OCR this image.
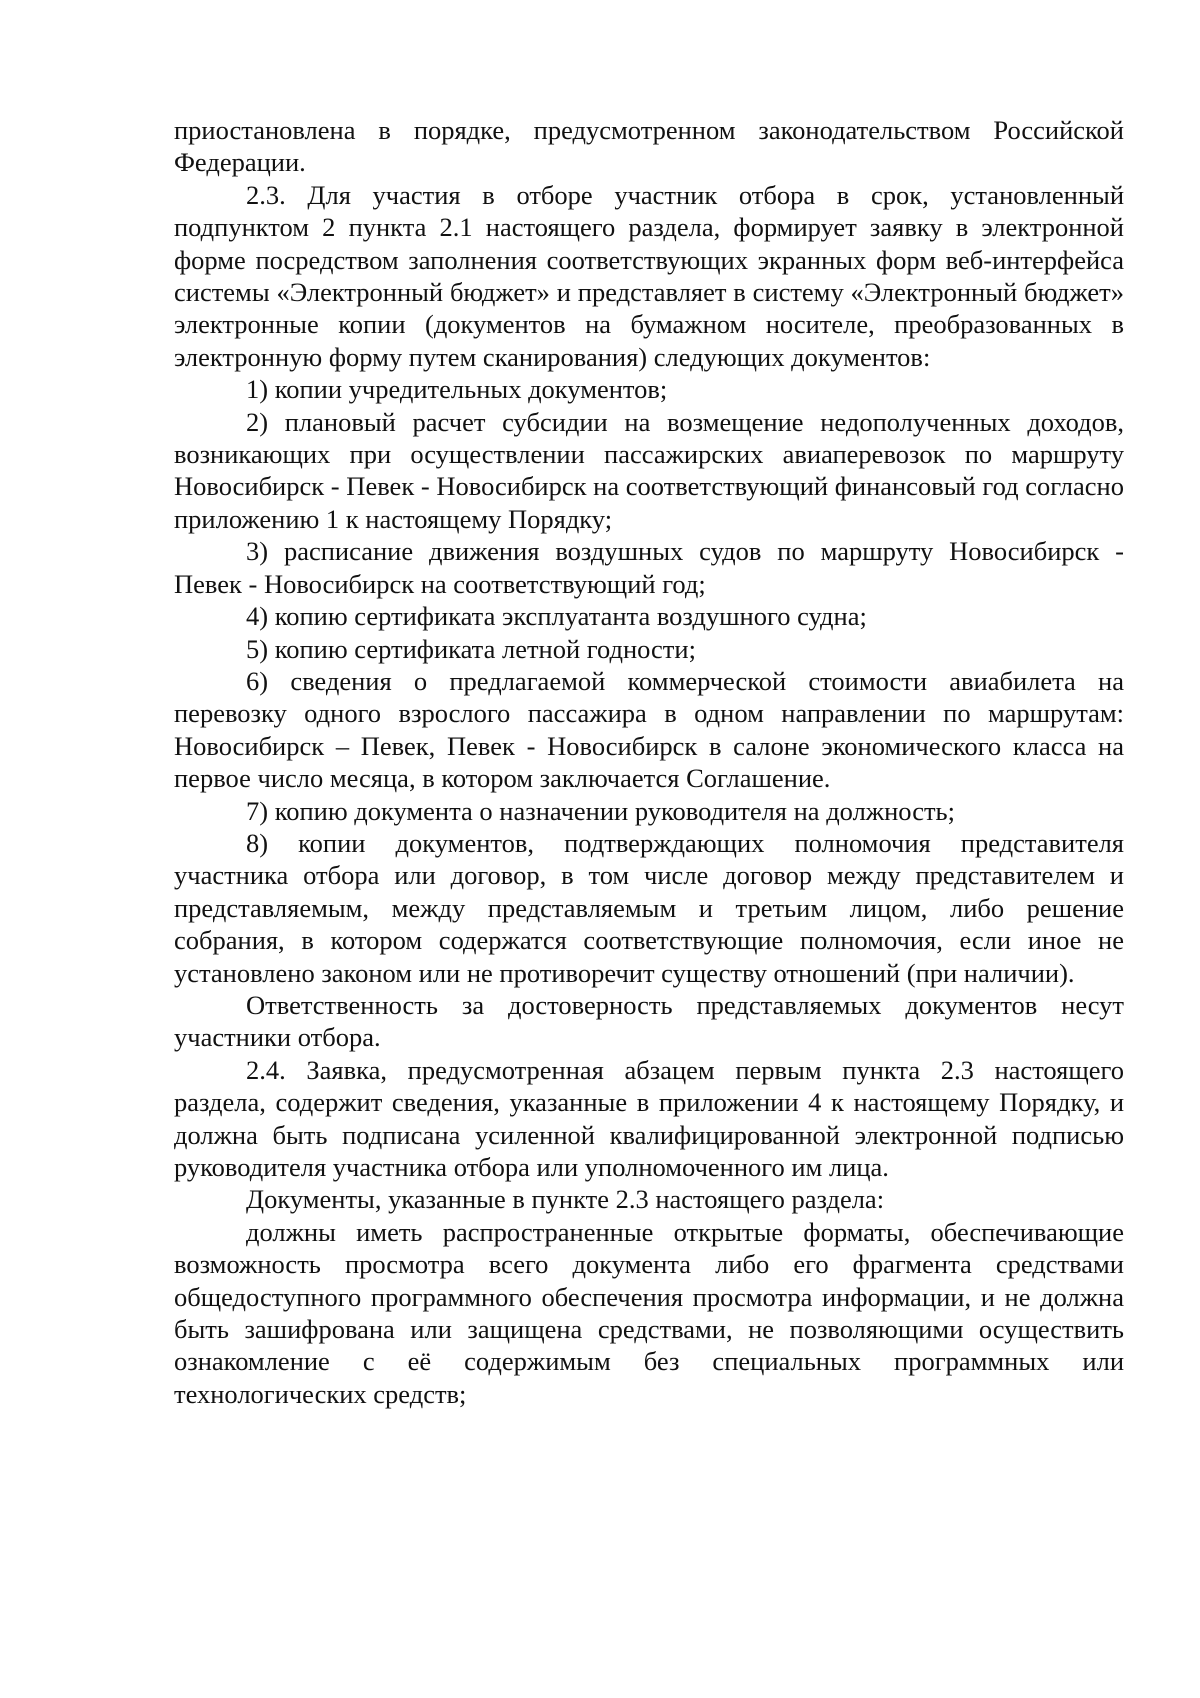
приостановлена в порядке, предусмотренном законодательством Российской Федерации.

2.3. Для участия в отборе участник отбора в срок, установленный подпунктом 2 пункта 2.1 настоящего раздела, формирует заявку в электронной форме посредством заполнения соответствующих экранных форм веб-интерфейса системы «Электронный бюджет» и представляет в систему «Электронный бюджет» электронные копии (документов на бумажном носителе, преобразованных в электронную форму путем сканирования) следующих документов:

1) копии учредительных документов;

2) плановый расчет субсидии на возмещение недополученных доходов, возникающих при осуществлении пассажирских авиаперевозок по маршруту Новосибирск - Певек - Новосибирск на соответствующий финансовый год согласно приложению 1 к настоящему Порядку;

3) расписание движения воздушных судов по маршруту Новосибирск - Певек - Новосибирск на соответствующий год;

4) копию сертификата эксплуатанта воздушного судна;

5) копию сертификата летной годности;

6) сведения о предлагаемой коммерческой стоимости авиабилета на перевозку одного взрослого пассажира в одном направлении по маршрутам: Новосибирск – Певек, Певек - Новосибирск в салоне экономического класса на первое число месяца, в котором заключается Соглашение.

7) копию документа о назначении руководителя на должность;

8) копии документов, подтверждающих полномочия представителя участника отбора или договор, в том числе договор между представителем и представляемым, между представляемым и третьим лицом, либо решение собрания, в котором содержатся соответствующие полномочия, если иное не установлено законом или не противоречит существу отношений (при наличии).

Ответственность за достоверность представляемых документов несут участники отбора.

2.4. Заявка, предусмотренная абзацем первым пункта 2.3 настоящего раздела, содержит сведения, указанные в приложении 4 к настоящему Порядку, и должна быть подписана усиленной квалифицированной электронной подписью руководителя участника отбора или уполномоченного им лица.

Документы, указанные в пункте 2.3 настоящего раздела:

должны иметь распространенные открытые форматы, обеспечивающие возможность просмотра всего документа либо его фрагмента средствами общедоступного программного обеспечения просмотра информации, и не должна быть зашифрована или защищена средствами, не позволяющими осуществить ознакомление с её содержимым без специальных программных или технологических средств;
